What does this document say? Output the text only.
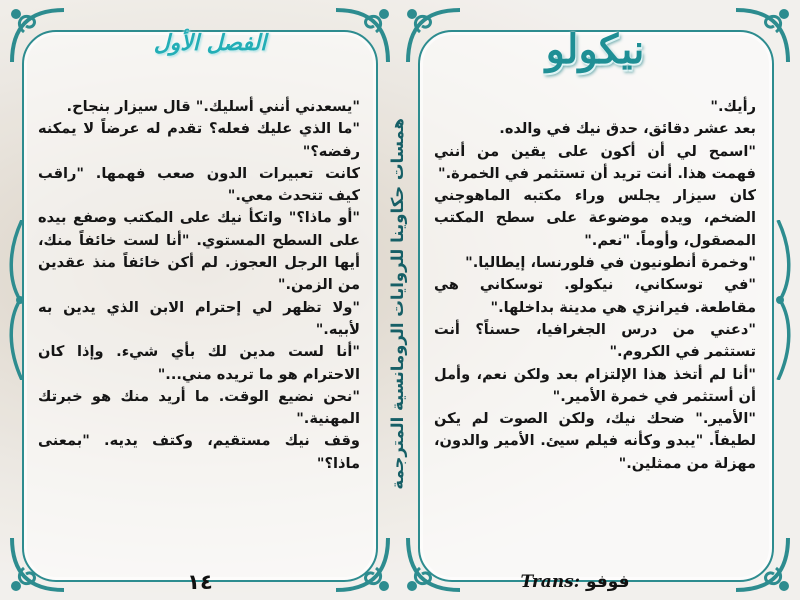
نيكولو
الفصل الأول
همسات حكاوينا للروايات الرومانسية المترجمة

"يسعدني أنني أسليك." قال سيزار بنجاح.

"ما الذي عليك فعله؟ تقدم له عرضاً لا يمكنه رفضه؟"

كانت تعبيرات الدون صعب فهمها. "راقب كيف تتحدث معي."

"أو ماذا؟" واتكأ نيك على المكتب وصفع بيده على السطح المستوي. "أنا لست خائفاً منك، أيها الرجل العجوز. لم أكن خائفاً منذ عقدين من الزمن."

"ولا تظهر لي إحترام الابن الذي يدين به لأبيه."

"أنا لست مدين لك بأي شيء. وإذا كان الاحترام هو ما تريده مني..."

"نحن نضيع الوقت. ما أريد منك هو خبرتك المهنية."

وقف نيك مستقيم، وكتف يديه. "بمعنى ماذا؟"

رأيك."

بعد عشر دقائق، حدق نيك في والده.

"اسمح لي أن أكون على يقين من أنني فهمت هذا. أنت تريد أن تستثمر في الخمرة."

كان سيزار يجلس وراء مكتبه الماهوجني الضخم، ويده موضوعة على سطح المكتب المصقول، وأوماً. "نعم."

"وخمرة أنطونيون في فلورنسا، إيطاليا."

"في توسكاني، نيكولو. توسكاني هي مقاطعة. فيرانزي هي مدينة بداخلها."

"دعني من درس الجغرافيا، حسناً؟ أنت تستثمر في الكروم."

"أنا لم أتخذ هذا الإلتزام بعد ولكن نعم، وأمل أن أستثمر في خمرة الأمير."

"الأمير." ضحك نيك، ولكن الصوت لم يكن لطيفاً. "يبدو وكأنه فيلم سيئ. الأمير والدون، مهزلة من ممثلين."

١٤	Trans: فوفو
